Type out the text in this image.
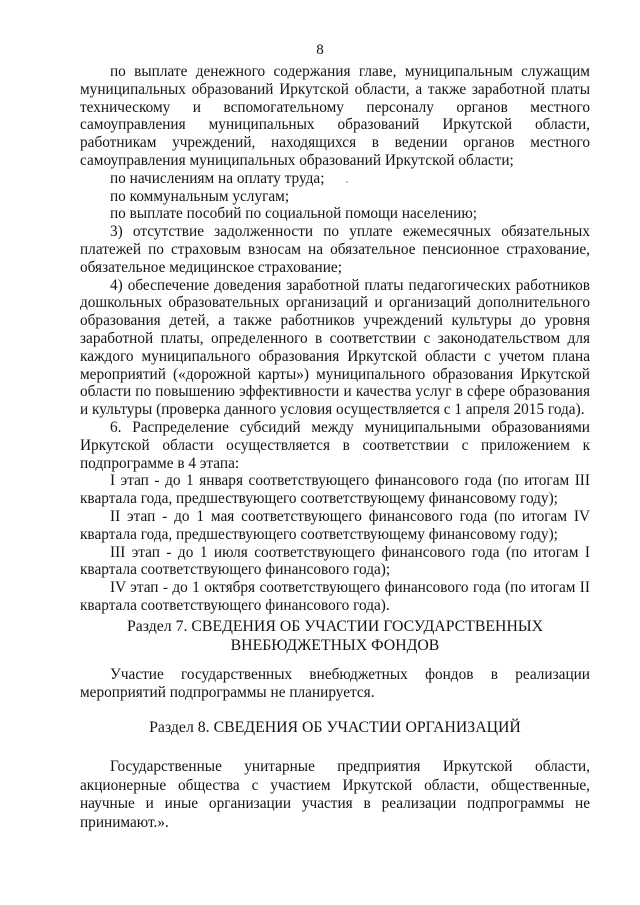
8

по выплате денежного содержания главе, муниципальным служащим муниципальных образований Иркутской области, а также заработной платы техническому и вспомогательному персоналу органов местного самоуправления муниципальных образований Иркутской области, работникам учреждений, находящихся в ведении органов местного самоуправления муниципальных образований Иркутской области;

по начислениям на оплату труда;

по коммунальным услугам;

по выплате пособий по социальной помощи населению;

3) отсутствие задолженности по уплате ежемесячных обязательных платежей по страховым взносам на обязательное пенсионное страхование, обязательное медицинское страхование;

4) обеспечение доведения заработной платы педагогических работников дошкольных образовательных организаций и организаций дополнительного образования детей, а также работников учреждений культуры до уровня заработной платы, определенного в соответствии с законодательством для каждого муниципального образования Иркутской области с учетом плана мероприятий («дорожной карты») муниципального образования Иркутской области по повышению эффективности и качества услуг в сфере образования и культуры (проверка данного условия осуществляется с 1 апреля 2015 года).

6. Распределение субсидий между муниципальными образованиями Иркутской области осуществляется в соответствии с приложением к подпрограмме в 4 этапа:

I этап - до 1 января соответствующего финансового года (по итогам III квартала года, предшествующего соответствующему финансовому году);

II этап - до 1 мая соответствующего финансового года (по итогам IV квартала года, предшествующего соответствующему финансовому году);

III этап - до 1 июля соответствующего финансового года (по итогам I квартала соответствующего финансового года);

IV этап - до 1 октября соответствующего финансового года (по итогам II квартала соответствующего финансового года).

Раздел 7. СВЕДЕНИЯ ОБ УЧАСТИИ ГОСУДАРСТВЕННЫХ
ВНЕБЮДЖЕТНЫХ ФОНДОВ

Участие государственных внебюджетных фондов в реализации мероприятий подпрограммы не планируется.

Раздел 8. СВЕДЕНИЯ ОБ УЧАСТИИ ОРГАНИЗАЦИЙ

Государственные унитарные предприятия Иркутской области, акционерные общества с участием Иркутской области, общественные, научные и иные организации участия в реализации подпрограммы не принимают.».
